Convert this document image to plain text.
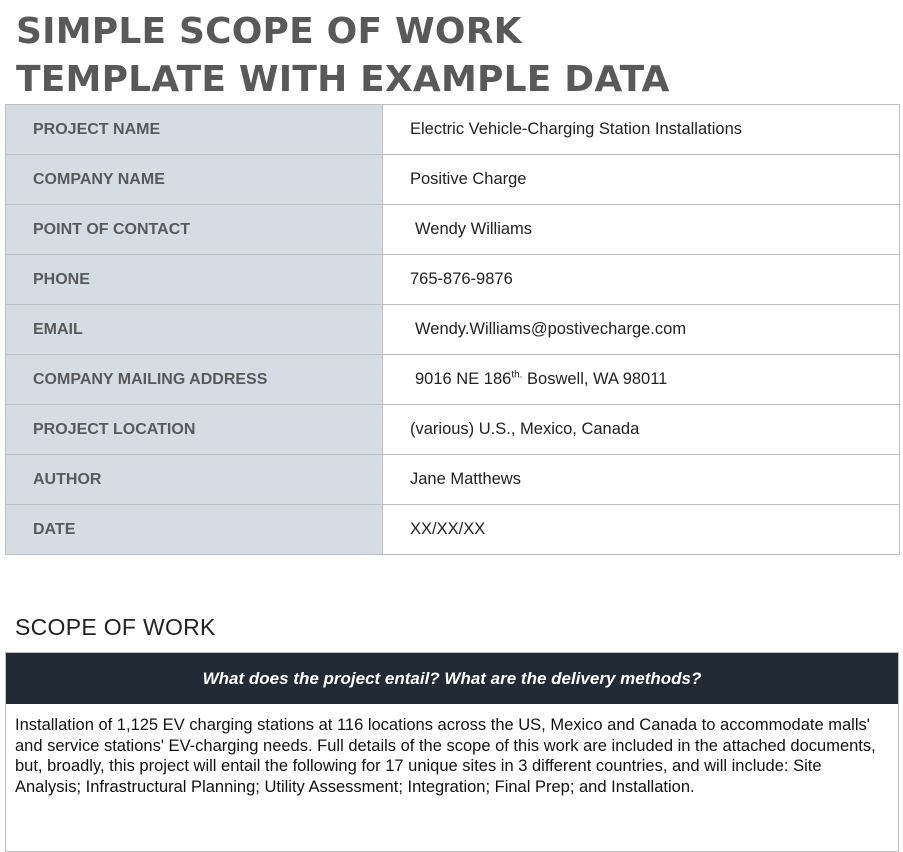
SIMPLE SCOPE OF WORK
TEMPLATE WITH EXAMPLE DATA
PROJECT NAME	Electric Vehicle-Charging Station Installations
COMPANY NAME	Positive Charge
POINT OF CONTACT	Wendy Williams
PHONE	765-876-9876
EMAIL	Wendy.Williams@postivecharge.com
COMPANY MAILING ADDRESS	9016 NE $186^{th.}$ Boswell, WA 98011
PROJECT LOCATION	(various) U.S., Mexico, Canada
AUTHOR	Jane Matthews
DATE	XX/XX/XX
SCOPE OF WORK
What does the project entail? What are the delivery methods?
Installation of 1,125 EV charging stations at 116 locations across the US, Mexico and Canada to accommodate malls' and service stations' EV-charging needs. Full details of the scope of this work are included in the attached documents, but, broadly, this project will entail the following for 17 unique sites in 3 different countries, and will include: Site Analysis; Infrastructural Planning; Utility Assessment; Integration; Final Prep; and Installation.
